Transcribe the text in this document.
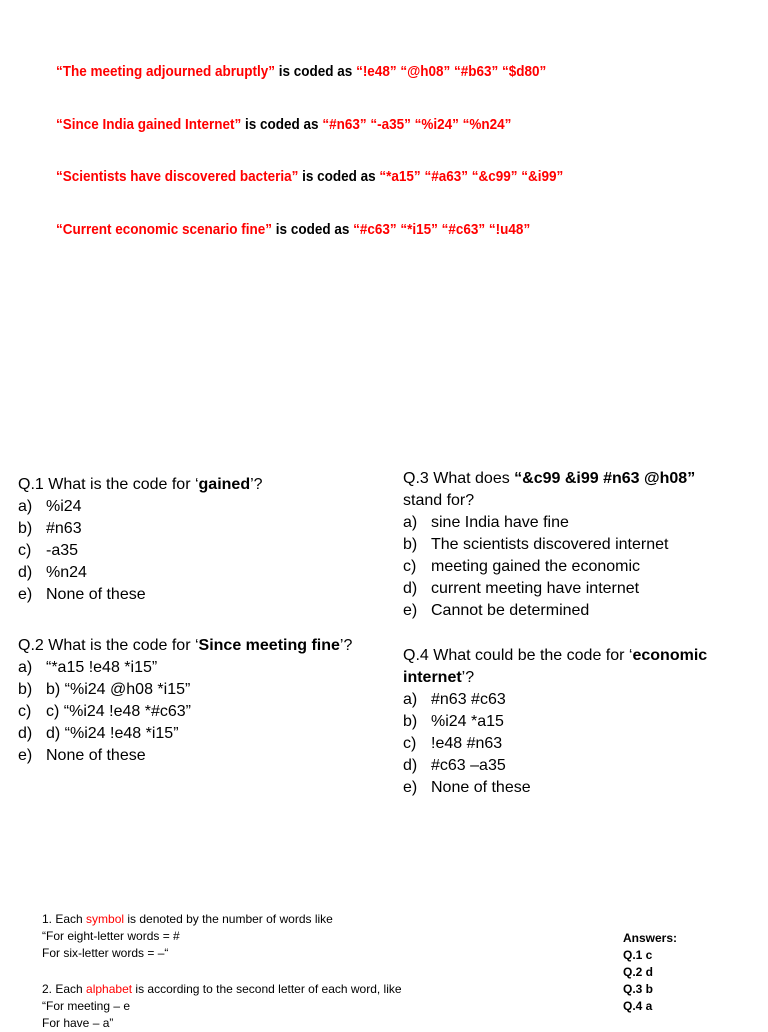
“The meeting adjourned abruptly” is coded as “!e48” “@h08” “#b63” “$d80”
“Since India gained Internet” is coded as “#n63” “-a35” “%i24” “%n24”
“Scientists have discovered bacteria” is coded as “*a15” “#a63” “&c99” “&i99”
“Current economic scenario fine” is coded as “#c63” “*i15” “#c63” “!u48”
Q.1 What is the code for ‘gained’?
a) %i24
b) #n63
c) -a35
d) %n24
e) None of these
Q.2 What is the code for ‘Since meeting fine’?
a) “*a15 !e48 *i15”
b) b) “%i24 @h08 *i15”
c) c) “%i24 !e48 *#c63”
d) d) “%i24 !e48 *i15”
e) None of these
Q.3 What does “&c99 &i99 #n63 @h08”
stand for?
a) sine India have fine
b) The scientists discovered internet
c) meeting gained the economic
d) current meeting have internet
e) Cannot be determined
Q.4 What could be the code for ‘economic
internet’?
a) #n63 #c63
b) %i24 *a15
c) !e48 #n63
d) #c63 –a35
e) None of these
1. Each symbol is denoted by the number of words like
“For eight-letter words = #
For six-letter words = –“
2. Each alphabet is according to the second letter of each word, like
“For meeting – e
For have – a”
Answers:
Q.1 c
Q.2 d
Q.3 b
Q.4 a
